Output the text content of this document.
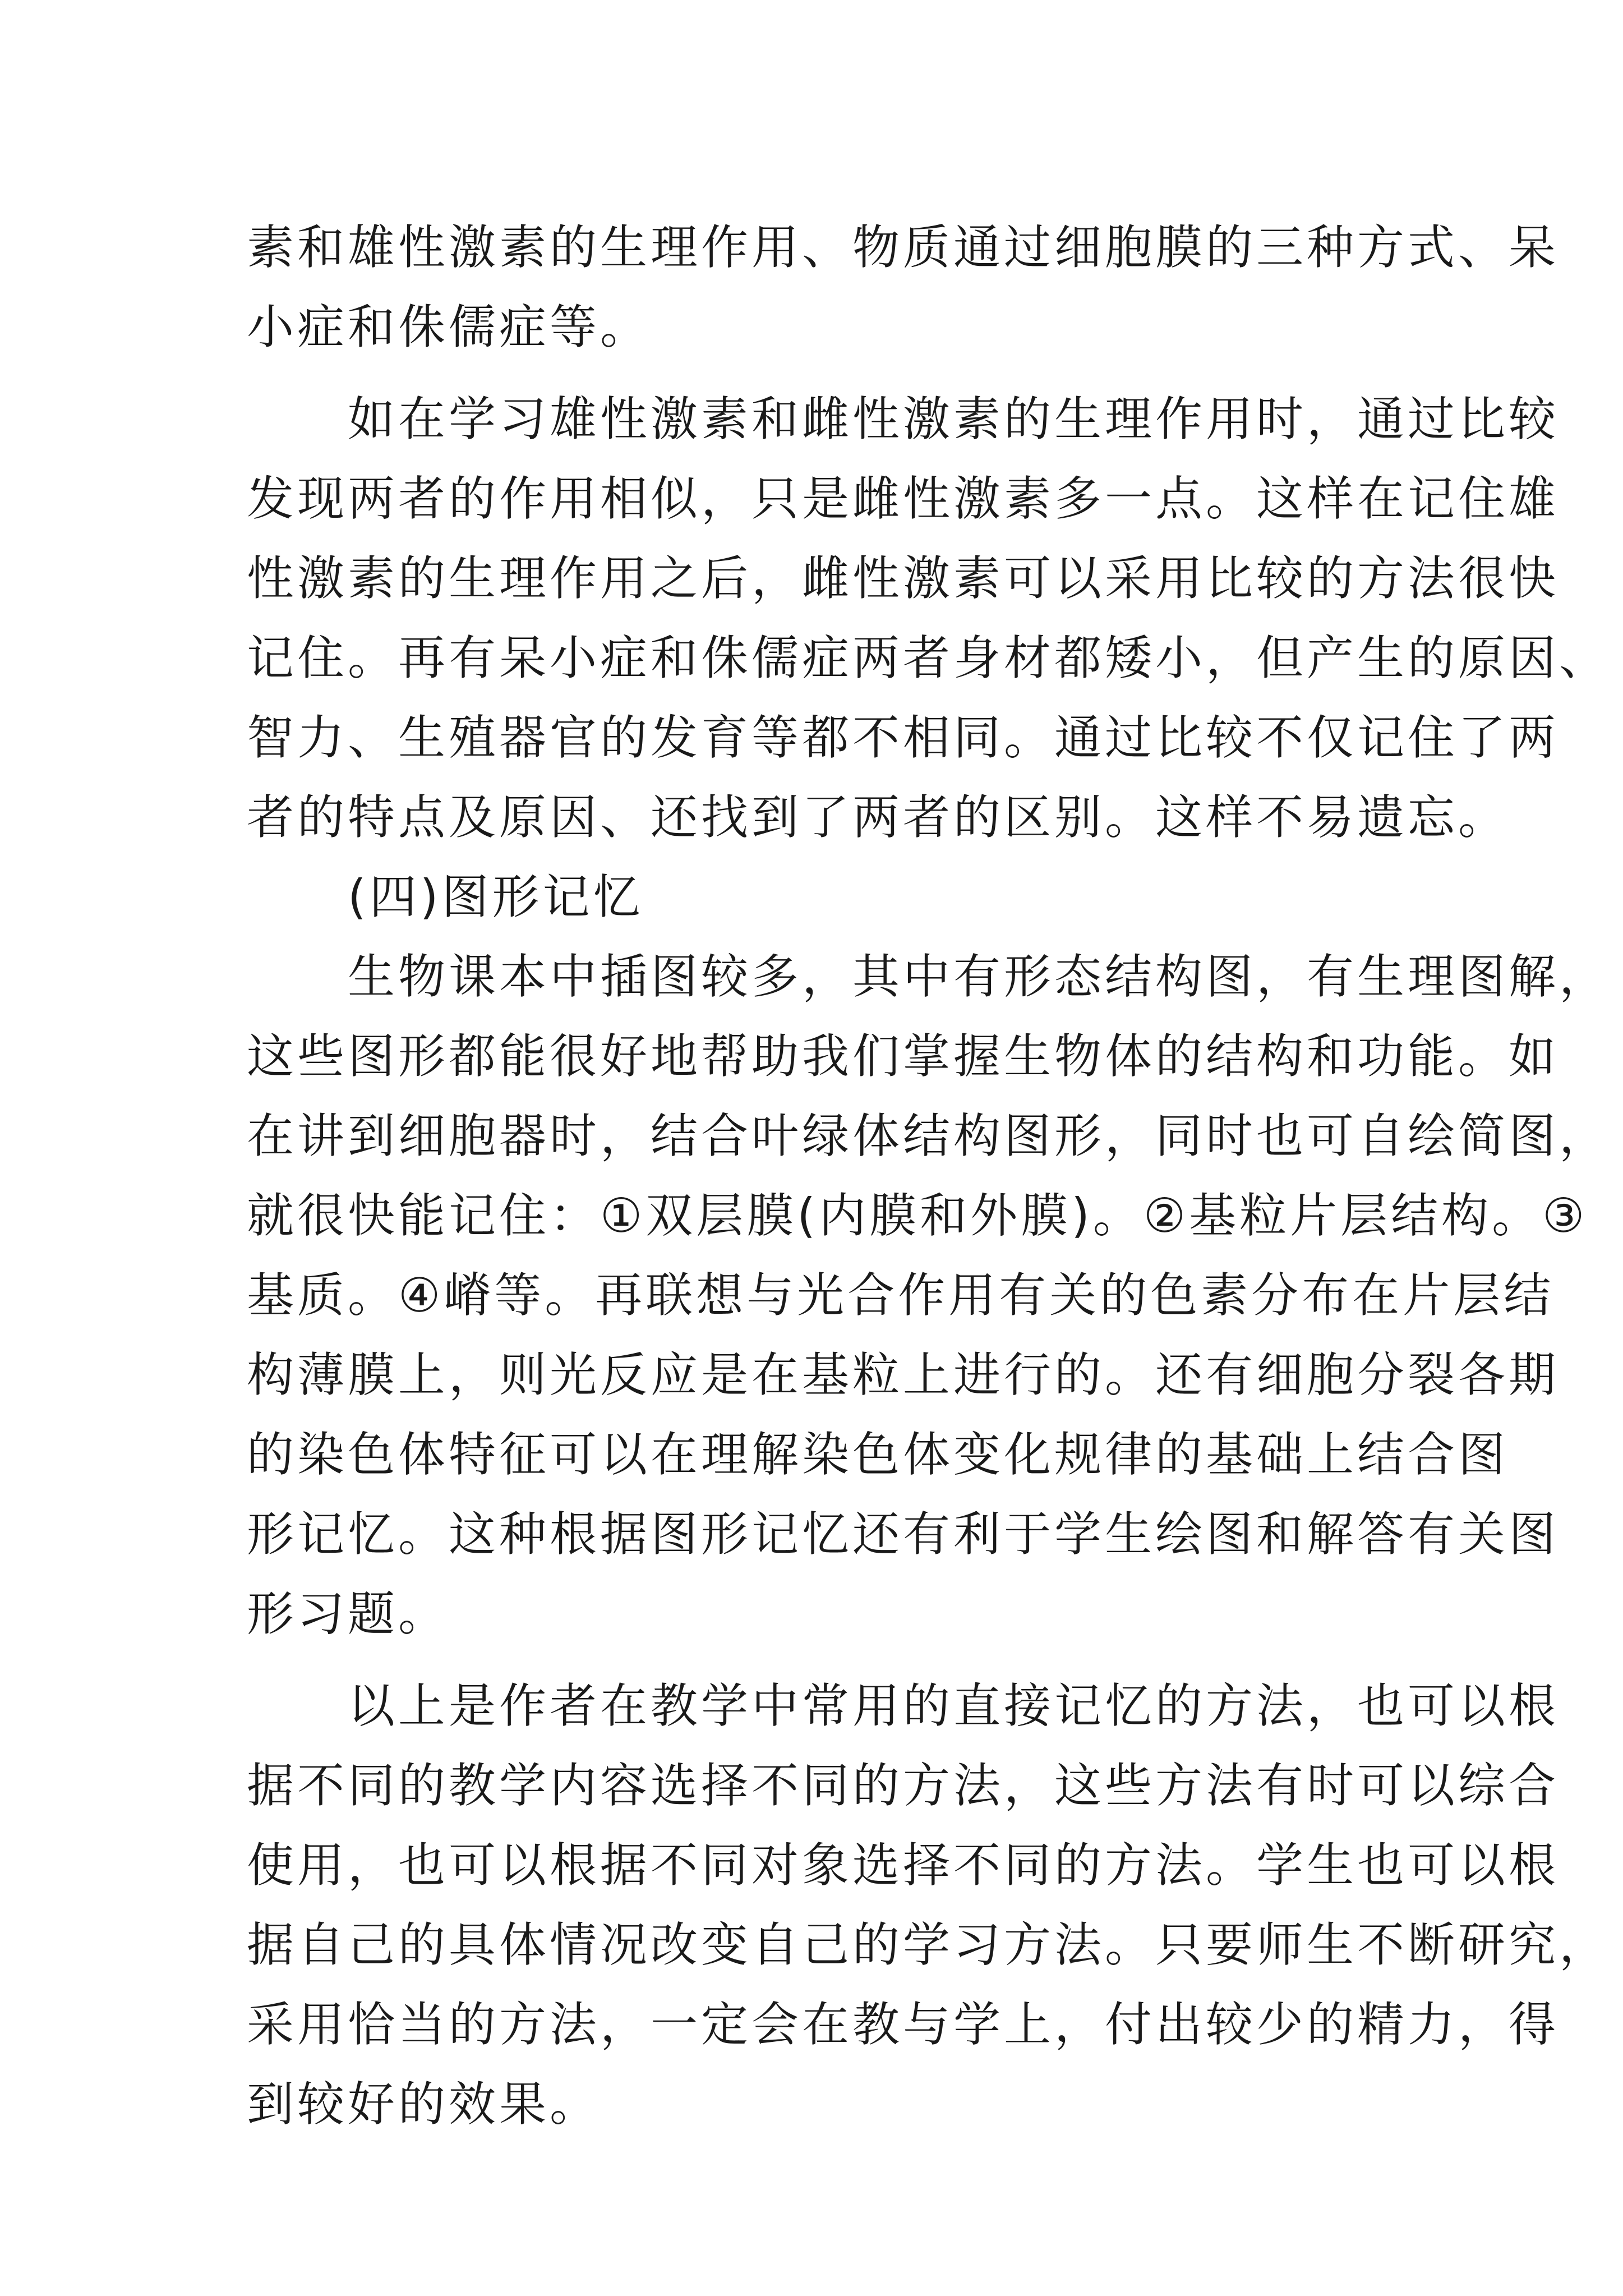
素和雄性激素的生理作用、物质通过细胞膜的三种方式、呆
小症和侏儒症等。
　　如在学习雄性激素和雌性激素的生理作用时，通过比较
发现两者的作用相似，只是雌性激素多一点。这样在记住雄
性激素的生理作用之后，雌性激素可以采用比较的方法很快
记住。再有呆小症和侏儒症两者身材都矮小，但产生的原因、
智力、生殖器官的发育等都不相同。通过比较不仅记住了两
者的特点及原因、还找到了两者的区别。这样不易遗忘。
　　(四)图形记忆
　　生物课本中插图较多，其中有形态结构图，有生理图解，
这些图形都能很好地帮助我们掌握生物体的结构和功能。如
在讲到细胞器时，结合叶绿体结构图形，同时也可自绘简图，
就很快能记住：①双层膜(内膜和外膜)。②基粒片层结构。③
基质。④嵴等。再联想与光合作用有关的色素分布在片层结
构薄膜上，则光反应是在基粒上进行的。还有细胞分裂各期
的染色体特征可以在理解染色体变化规律的基础上结合图
形记忆。这种根据图形记忆还有利于学生绘图和解答有关图
形习题。
　　以上是作者在教学中常用的直接记忆的方法，也可以根
据不同的教学内容选择不同的方法，这些方法有时可以综合
使用，也可以根据不同对象选择不同的方法。学生也可以根
据自己的具体情况改变自己的学习方法。只要师生不断研究，
采用恰当的方法，一定会在教与学上，付出较少的精力，得
到较好的效果。
